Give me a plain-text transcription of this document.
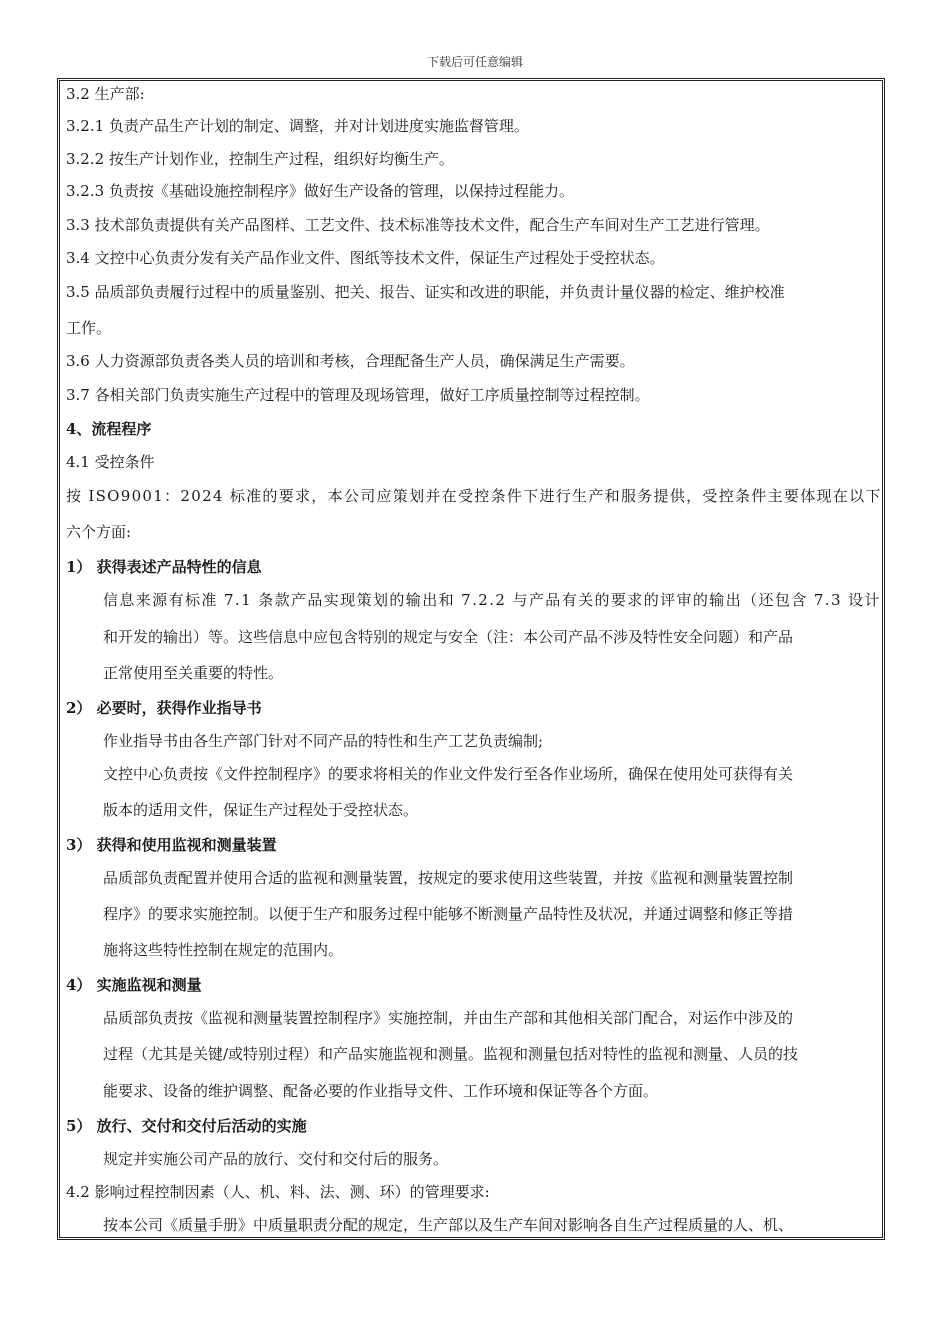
下载后可任意编辑
3.2 生产部:
3.2.1 负责产品生产计划的制定、调整，并对计划进度实施监督管理。
3.2.2 按生产计划作业，控制生产过程，组织好均衡生产。
3.2.3 负责按《基础设施控制程序》做好生产设备的管理，以保持过程能力。
3.3 技术部负责提供有关产品图样、工艺文件、技术标准等技术文件，配合生产车间对生产工艺进行管理。
3.4 文控中心负责分发有关产品作业文件、图纸等技术文件，保证生产过程处于受控状态。
3.5 品质部负责履行过程中的质量鉴别、把关、报告、证实和改进的职能，并负责计量仪器的检定、维护校准
工作。
3.6 人力资源部负责各类人员的培训和考核，合理配备生产人员，确保满足生产需要。
3.7 各相关部门负责实施生产过程中的管理及现场管理，做好工序质量控制等过程控制。
4、流程程序
4.1 受控条件
按 ISO9001：2024 标准的要求，本公司应策划并在受控条件下进行生产和服务提供，受控条件主要体现在以下
六个方面:
1） 获得表述产品特性的信息
信息来源有标准 7.1 条款产品实现策划的输出和 7.2.2 与产品有关的要求的评审的输出（还包含 7.3 设计
和开发的输出）等。这些信息中应包含特别的规定与安全（注：本公司产品不涉及特性安全问题）和产品
正常使用至关重要的特性。
2） 必要时，获得作业指导书
作业指导书由各生产部门针对不同产品的特性和生产工艺负责编制;
文控中心负责按《文件控制程序》的要求将相关的作业文件发行至各作业场所，确保在使用处可获得有关
版本的适用文件，保证生产过程处于受控状态。
3） 获得和使用监视和测量装置
品质部负责配置并使用合适的监视和测量装置，按规定的要求使用这些装置，并按《监视和测量装置控制
程序》的要求实施控制。以便于生产和服务过程中能够不断测量产品特性及状况，并通过调整和修正等措
施将这些特性控制在规定的范围内。
4） 实施监视和测量
品质部负责按《监视和测量装置控制程序》实施控制，并由生产部和其他相关部门配合，对运作中涉及的
过程（尤其是关键/或特别过程）和产品实施监视和测量。监视和测量包括对特性的监视和测量、人员的技
能要求、设备的维护调整、配备必要的作业指导文件、工作环境和保证等各个方面。
5） 放行、交付和交付后活动的实施
规定并实施公司产品的放行、交付和交付后的服务。
4.2 影响过程控制因素（人、机、料、法、测、环）的管理要求:
按本公司《质量手册》中质量职责分配的规定，生产部以及生产车间对影响各自生产过程质量的人、机、
